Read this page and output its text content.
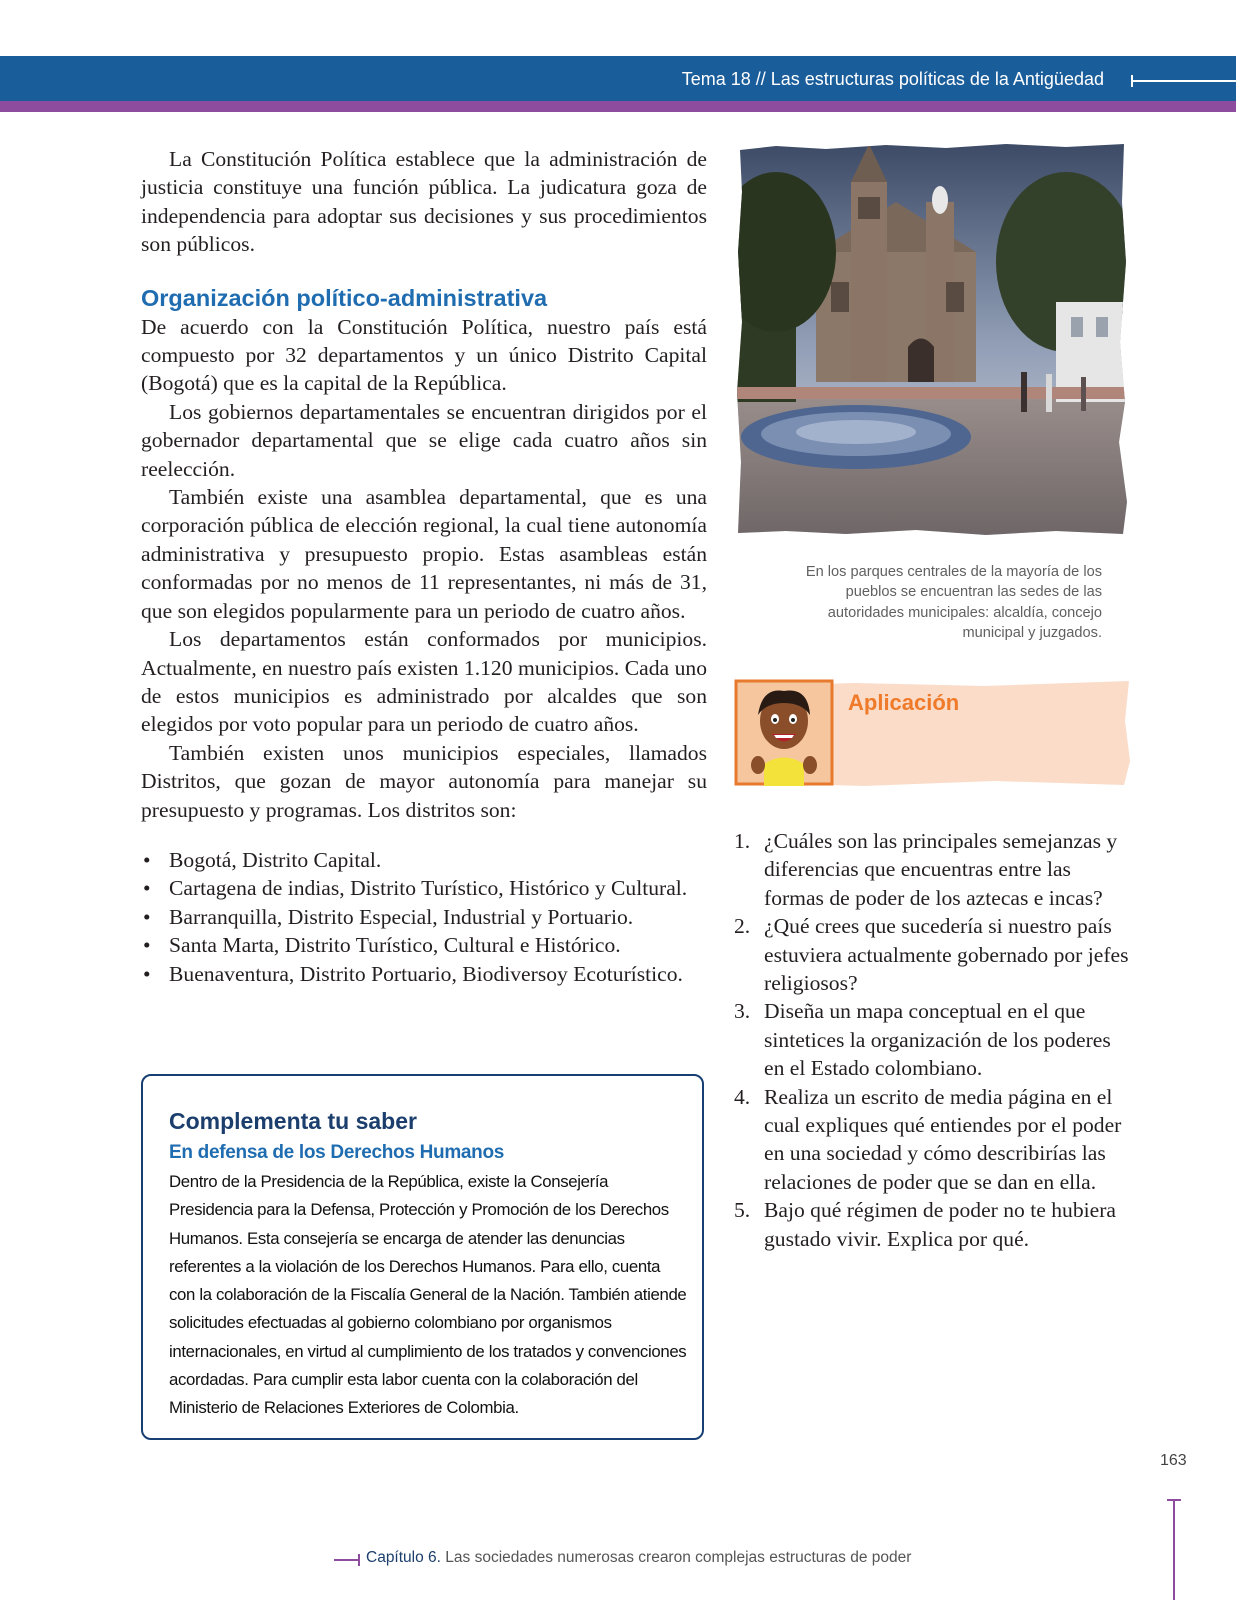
Tema 18 // Las estructuras políticas de la Antigüedad

La Constitución Política establece que la administración de justicia constituye una función pública. La judicatura goza de independencia para adoptar sus decisiones y sus procedimientos son públicos.

Organización político-administrativa

De acuerdo con la Constitución Política, nuestro país está compuesto por 32 departamentos y un único Distrito Capital (Bogotá) que es la capital de la República.

Los gobiernos departamentales se encuentran dirigidos por el gobernador departamental que se elige cada cuatro años sin reelección.

También existe una asamblea departamental, que es una corporación pública de elección regional, la cual tiene autonomía administrativa y presupuesto propio. Estas asambleas están conformadas por no menos de 11 representantes, ni más de 31, que son elegidos popularmente para un periodo de cuatro años.

Los departamentos están conformados por municipios. Actualmente, en nuestro país existen 1.120 municipios. Cada uno de estos municipios es administrado por alcaldes que son elegidos por voto popular para un periodo de cuatro años.

También existen unos municipios especiales, llamados Distritos, que gozan de mayor autonomía para manejar su presupuesto y programas. Los distritos son:

• Bogotá, Distrito Capital.
• Cartagena de indias, Distrito Turístico, Histórico y Cultural.
• Barranquilla, Distrito Especial, Industrial y Portuario.
• Santa Marta, Distrito Turístico, Cultural e Histórico.
• Buenaventura, Distrito Portuario, Biodiversoy Ecoturístico.
Complementa tu saber
En defensa de los Derechos Humanos

Dentro de la Presidencia de la República, existe la Consejería Presidencia para la Defensa, Protección y Promoción de los Derechos Humanos. Esta consejería se encarga de atender las denuncias referentes a la violación de los Derechos Humanos. Para ello, cuenta con la colaboración de la Fiscalía General de la Nación. También atiende solicitudes efectuadas al gobierno colombiano por organismos internacionales, en virtud al cumplimiento de los tratados y convenciones acordadas. Para cumplir esta labor cuenta con la colaboración del Ministerio de Relaciones Exteriores de Colombia.

En los parques centrales de la mayoría de los pueblos se encuentran las sedes de las autoridades municipales: alcaldía, concejo municipal y juzgados.

Aplicación
1. ¿Cuáles son las principales semejanzas y diferencias que encuentras entre las formas de poder de los aztecas e incas?
2. ¿Qué crees que sucedería si nuestro país estuviera actualmente gobernado por jefes religiosos?
3. Diseña un mapa conceptual en el que sintetices la organización de los poderes en el Estado colombiano.
4. Realiza un escrito de media página en el cual expliques qué entiendes por el poder en una sociedad y cómo describirías las relaciones de poder que se dan en ella.
5. Bajo qué régimen de poder no te hubiera gustado vivir. Explica por qué.
163
Capítulo 6. Las sociedades numerosas crearon complejas estructuras de poder
